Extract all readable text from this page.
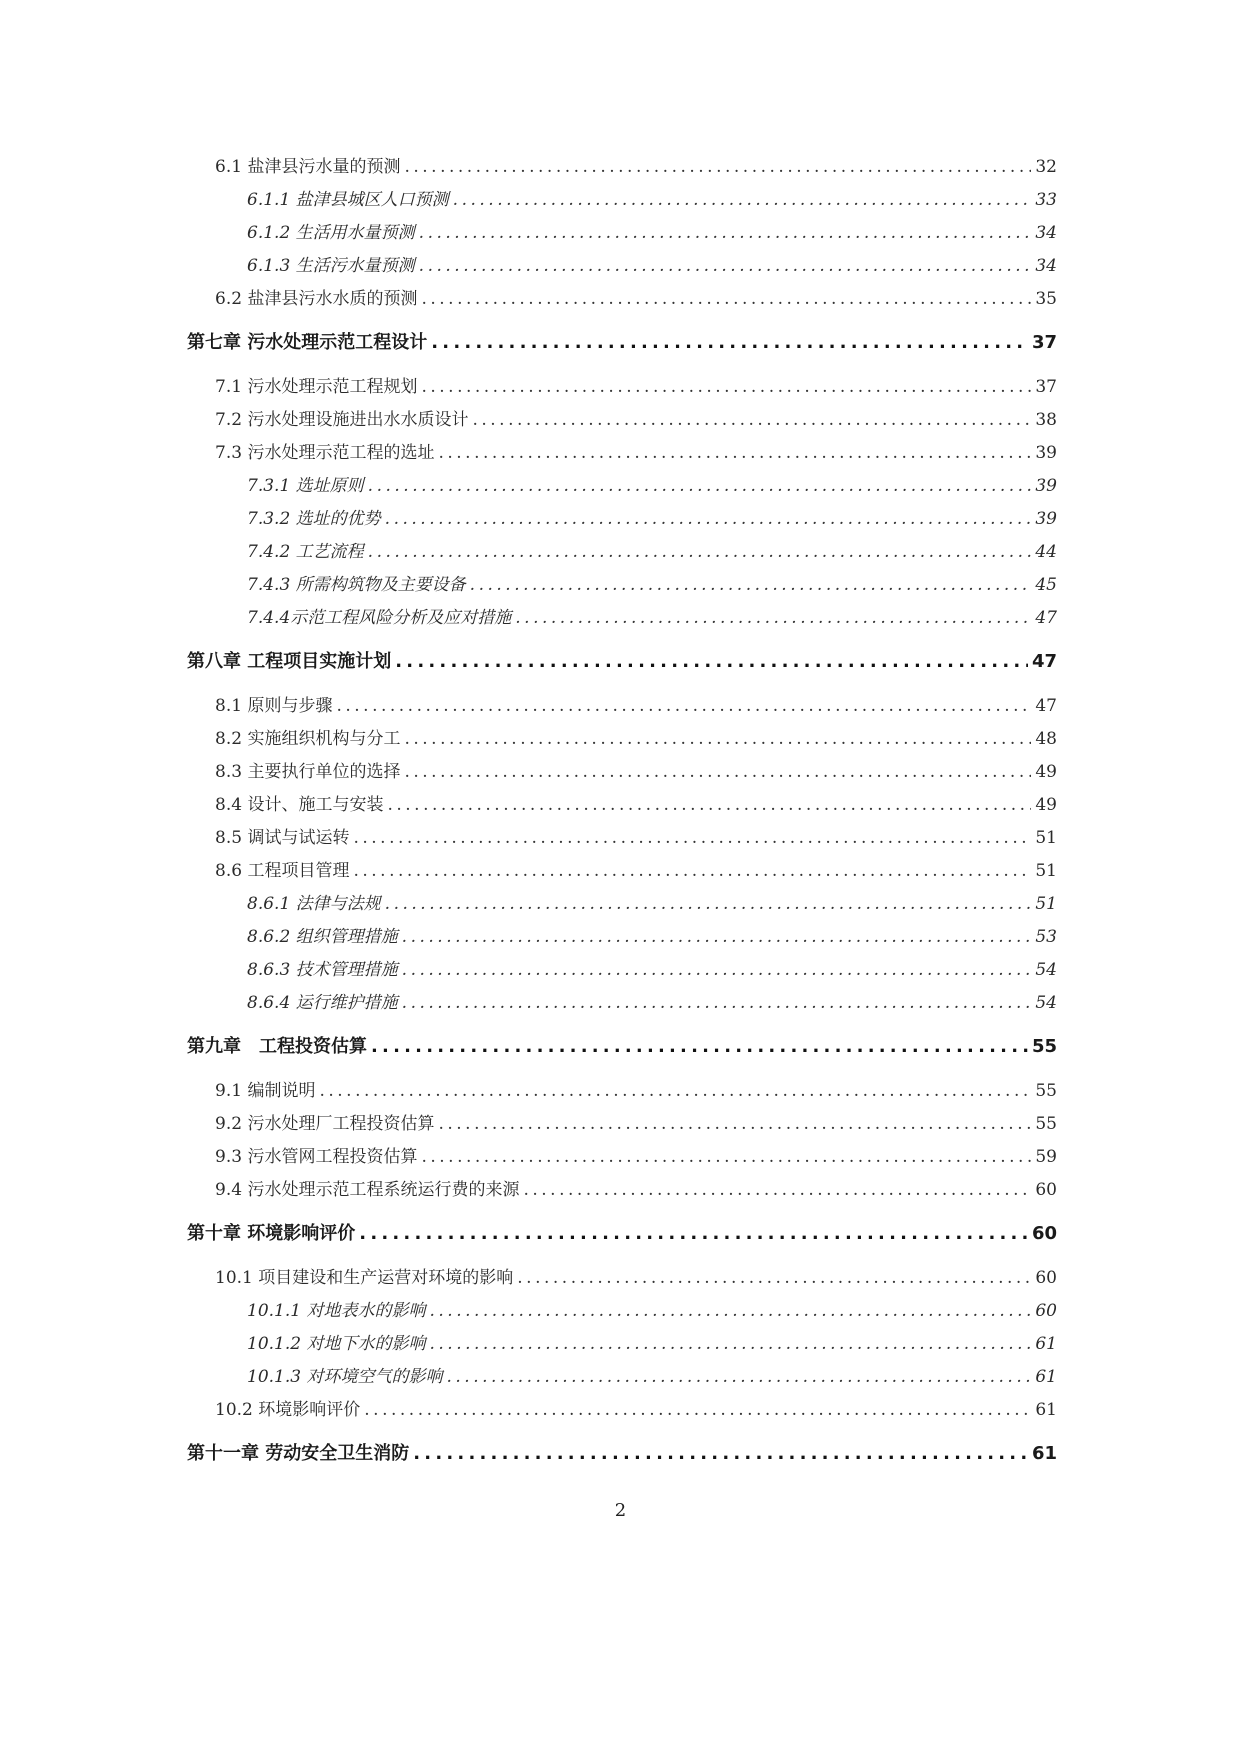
6.1 盐津县污水量的预测 .....	32
6.1.1 盐津县城区人口预测 .....	33
6.1.2 生活用水量预测 .....	34
6.1.3 生活污水量预测 .....	34
6.2 盐津县污水水质的预测 .....	35
第七章 污水处理示范工程设计 .....	37
7.1 污水处理示范工程规划 .....	37
7.2 污水处理设施进出水水质设计 .....	38
7.3 污水处理示范工程的选址 .....	39
7.3.1 选址原则 .....	39
7.3.2 选址的优势 .....	39
7.4.2 工艺流程 .....	44
7.4.3 所需构筑物及主要设备 .....	45
7.4.4示范工程风险分析及应对措施 .....	47
第八章 工程项目实施计划 .....	47
8.1 原则与步骤 .....	47
8.2 实施组织机构与分工 .....	48
8.3 主要执行单位的选择 .....	49
8.4 设计、施工与安装 .....	49
8.5 调试与试运转 .....	51
8.6 工程项目管理 .....	51
8.6.1 法律与法规 .....	51
8.6.2 组织管理措施 .....	53
8.6.3 技术管理措施 .....	54
8.6.4 运行维护措施 .....	54
第九章　工程投资估算 .....	55
9.1 编制说明 .....	55
9.2 污水处理厂工程投资估算 .....	55
9.3 污水管网工程投资估算 .....	59
9.4 污水处理示范工程系统运行费的来源 .....	60
第十章 环境影响评价 .....	60
10.1 项目建设和生产运营对环境的影响 .....	60
10.1.1 对地表水的影响 .....	60
10.1.2 对地下水的影响 .....	61
10.1.3 对环境空气的影响 .....	61
10.2 环境影响评价 .....	61
第十一章 劳动安全卫生消防 .....	61
2
